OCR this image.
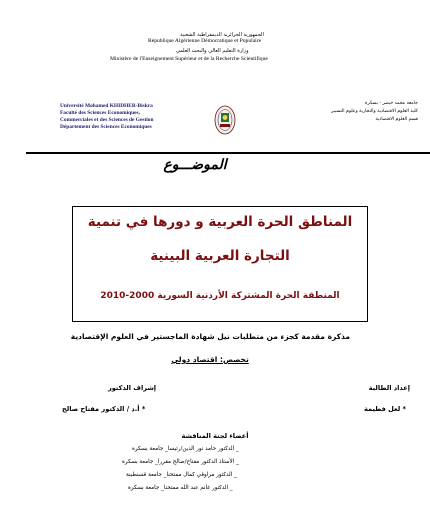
الجمهورية الجزائرية الديمقراطية الشعبية
République Algérienne Démocratique et Populaire
وزارة التعليم العالي والبحث العلمي
Ministère de l'Enseignement Supérieur et de la Recherche Scientifique
Université Mohamed KHIDHER-Biskra
Faculté des Sciences Economiques,
Commerciales et des Sciences de Gestion
Département des Sciences Economiques
جامعة محمد خيضر - بسكرة
كلية العلوم الاقتصادية والتجارية وعلوم التسيير
قسم العلوم الاقتصادية
الموضـــوع
المناطق الحرة العربية و دورها في تنمية
التجارة العربية البينية
المنطقة الحرة المشتركة الأردنية السورية 2000-2010
مذكرة مقدمة كجزء من متطلبات نيل شهادة الماجستير في العلوم الإقتصادية
تخصص: اقتصاد دولي
إعداد الطالبة
* لعل فطيمة
إشراف الدكتور
* أ.د / الدكتور مفتاح صالح
أعضاء لجنة المناقشة
_ الدكتور حامد نور الدين/رئيسا_ جامعة بسكرة
_ الأستاذ الدكتور مفتاح/صالح مقررا_ جامعة بسكرة
_ الدكتور مراوقي كمال ممتحنا_ جامعة قسنطينة
_ الدكتور غانم عبد الله ممتحنا_ جامعة بسكرة
